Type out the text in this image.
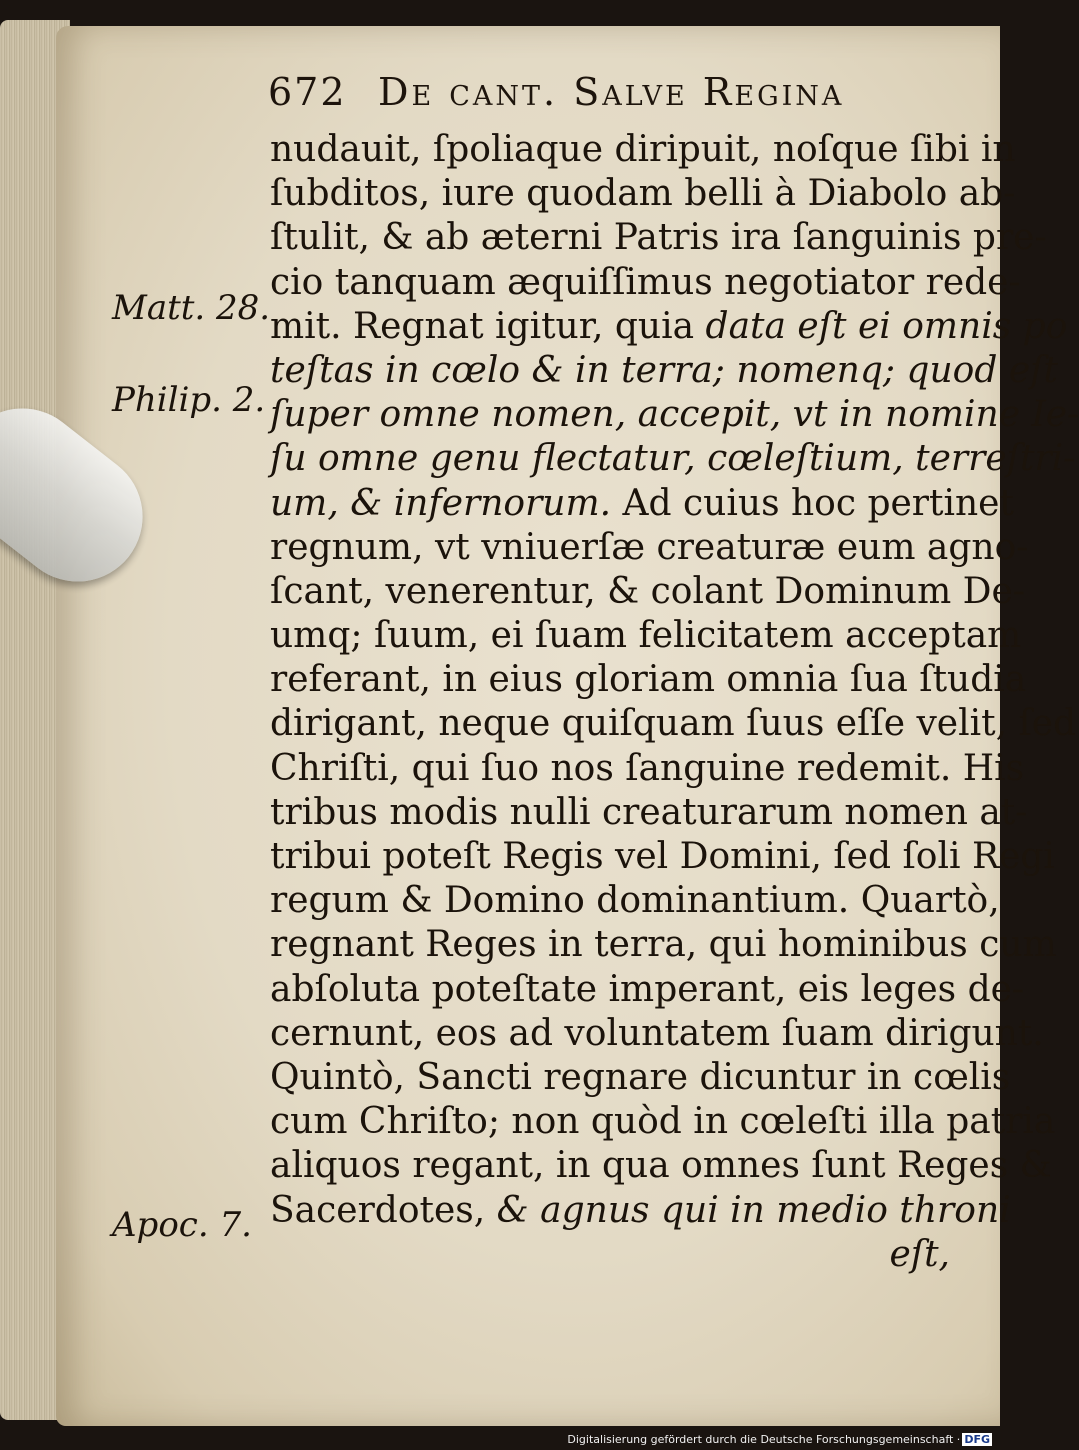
672 De cant. Salve Regina
Matt. 28.
Philip. 2.
Apoc. 7.
nudauit, ſpoliaque diripuit, noſque ſibi in
ſubditos, iure quodam belli à Diabolo ab-
ſtulit, & ab æterni Patris ira ſanguinis pre-
cio tanquam æquiſſimus negotiator rede-
mit. Regnat igitur, quia data eſt ei omnis po
teſtas in cœlo & in terra; nomenq; quod eſt
ſuper omne nomen, accepit, vt in nomine Ie-
ſu omne genu flectatur, cœleſtium, terreſtri-
um, & infernorum. Ad cuius hoc pertinet
regnum, vt vniuerſæ creaturæ eum agno-
ſcant, venerentur, & colant Dominum De-
umq; ſuum, ei ſuam felicitatem acceptam
referant, in eius gloriam omnia ſua ſtudia
dirigant, neque quiſquam ſuus eſſe velit, ſed
Chriſti, qui ſuo nos ſanguine redemit. His
tribus modis nulli creaturarum nomen at-
tribui poteſt Regis vel Domini, ſed ſoli Regi
regum & Domino dominantium. Quartò,
regnant Reges in terra, qui hominibus cum
abſoluta poteſtate imperant, eis leges de-
cernunt, eos ad voluntatem ſuam dirigunt.
Quintò, Sancti regnare dicuntur in cœlis
cum Chriſto; non quòd in cœleſti illa patria
aliquos regant, in qua omnes ſunt Reges &
Sacerdotes, & agnus qui in medio throni
eſt,
Digitalisierung gefördert durch die Deutsche Forschungsgemeinschaft · DFG
